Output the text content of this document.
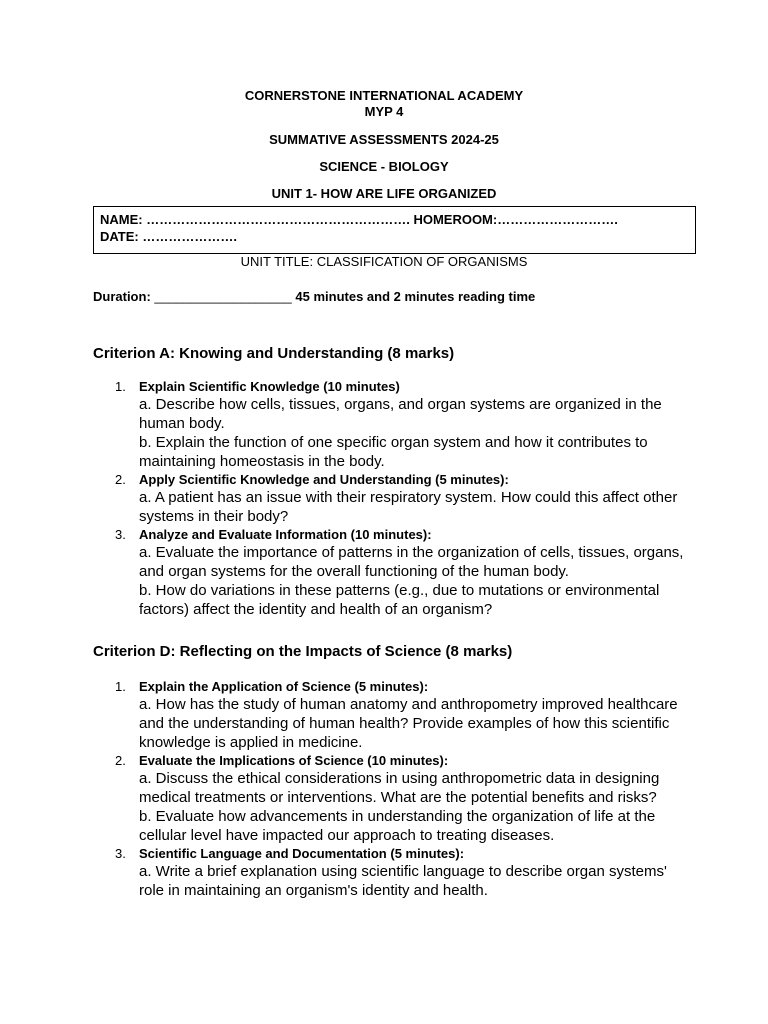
CORNERSTONE INTERNATIONAL ACADEMY
MYP 4
SUMMATIVE ASSESSMENTS 2024-25
SCIENCE - BIOLOGY
UNIT 1- HOW ARE LIFE ORGANIZED
NAME: ……………………………………………………. HOMEROOM:……………………….
DATE: ………………….
UNIT TITLE: CLASSIFICATION OF ORGANISMS
Duration: ___________________ 45 minutes and 2 minutes reading time
Criterion A: Knowing and Understanding (8 marks)
1. Explain Scientific Knowledge (10 minutes)
a. Describe how cells, tissues, organs, and organ systems are organized in the human body.
b. Explain the function of one specific organ system and how it contributes to maintaining homeostasis in the body.
2. Apply Scientific Knowledge and Understanding (5 minutes):
a. A patient has an issue with their respiratory system. How could this affect other systems in their body?
3. Analyze and Evaluate Information (10 minutes):
a. Evaluate the importance of patterns in the organization of cells, tissues, organs, and organ systems for the overall functioning of the human body.
b. How do variations in these patterns (e.g., due to mutations or environmental factors) affect the identity and health of an organism?
Criterion D: Reflecting on the Impacts of Science (8 marks)
1. Explain the Application of Science (5 minutes):
a. How has the study of human anatomy and anthropometry improved healthcare and the understanding of human health? Provide examples of how this scientific knowledge is applied in medicine.
2. Evaluate the Implications of Science (10 minutes):
a. Discuss the ethical considerations in using anthropometric data in designing medical treatments or interventions. What are the potential benefits and risks?
b. Evaluate how advancements in understanding the organization of life at the cellular level have impacted our approach to treating diseases.
3. Scientific Language and Documentation (5 minutes):
a. Write a brief explanation using scientific language to describe organ systems' role in maintaining an organism's identity and health.
